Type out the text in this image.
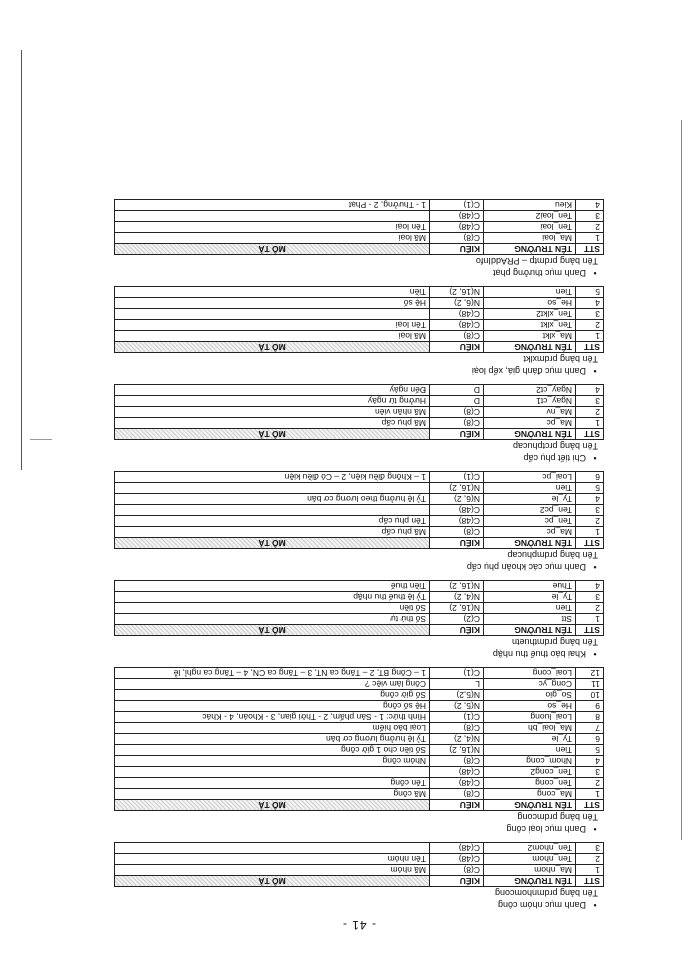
- 41 -
•Danh mục nhóm công
Tên bảng prdmnhomcong
STT	TÊN TRƯỜNG	KIỂU	MÔ TẢ
1	Ma_nhom	C(8)	Mã nhóm
2	Ten_nhom	C(48)	Tên nhóm
3	Ten_nhom2	C(48)	
•Danh mục loại công
Tên bảng prdmcong
STT	TÊN TRƯỜNG	KIỂU	MÔ TẢ
1	Ma_cong	C(8)	Mã công
2	Ten_cong	C(48)	Tên công
3	Ten_cong2	C(48)	
4	Nhom_cong	C(8)	Nhóm công
5	Tien	N(16, 2)	Số tiền cho 1 giờ công
6	Ty_le	N(4, 2)	Tỷ lệ hưởng lương cơ bản
7	Ma_loai_bh	C(8)	Loại bảo hiểm
8	Loai_luong	C(1)	Hình thức: 1 - Sản phẩm, 2 - Thời gian, 3 - Khoán, 4 - Khác
9	He_so	N(5, 2)	Hệ số công
10	So_gio	N(5,2)	Số giờ công
11	Cong_yc	L	Công làm việc ?
12	Loai_cong	C(1)	1 – Công BT, 2 – Tăng ca NT, 3 – Tăng ca CN, 4 – Tăng ca nghỉ, lễ
•Khai báo thuế thu nhập
Tên bảng prdmthuetn
STT	TÊN TRƯỜNG	KIỂU	MÔ TẢ
1	Stt	C(2)	Số thứ tự
2	Tien	N(16, 2)	Số tiền
3	Ty_le	N(4, 2)	Tỷ lệ thuế thu nhập
4	Thue	N(16, 2)	Tiền thuế
•Danh mục các khoản phụ cấp
Tên bảng prdmphucap
STT	TÊN TRƯỜNG	KIỂU	MÔ TẢ
1	Ma_pc	C(8)	Mã phụ cấp
2	Ten_pc	C(48)	Tên phụ cấp
3	Ten_pc2	C(48)	
4	Ty_le	N(6, 2)	Tỷ lệ hưởng theo lương cơ bản
5	Tien	N(16, 2)	
6	Loai_pc	C(1)	1 – Không điều kiện, 2 – Có điều kiện
•Chi tiết phụ cấp
Tên bảng prctphucap
STT	TÊN TRƯỜNG	KIỂU	MÔ TẢ
1	Ma_pc	C(8)	Mã phụ cấp
2	Ma_nv	C(8)	Mã nhân viên
3	Ngay_ct1	D	Hưởng từ ngày
4	Ngay_ct2	D	Đến ngày
•Danh mục đánh giá, xếp loại
Tên bảng prdmxlkt
STT	TÊN TRƯỜNG	KIỂU	MÔ TẢ
1	Ma_xlkt	C(8)	Mã loại
2	Ten_xlkt	C(48)	Tên loại
3	Ten_xlkt2	C(48)	
4	He_so	N(6, 2)	Hệ số
5	Tien	N(16, 2)	Tiền
•Danh mục thưởng phạt
Tên bảng prdmtp – PRAddInfo
STT	TÊN TRƯỜNG	KIỂU	MÔ TẢ
1	Ma_loai	C(8)	Mã loại
2	Ten_loai	C(48)	Tên loại
3	Ten_loai2	C(48)	
4	Kieu	C(1)	1 - Thưởng, 2 - Phạt
